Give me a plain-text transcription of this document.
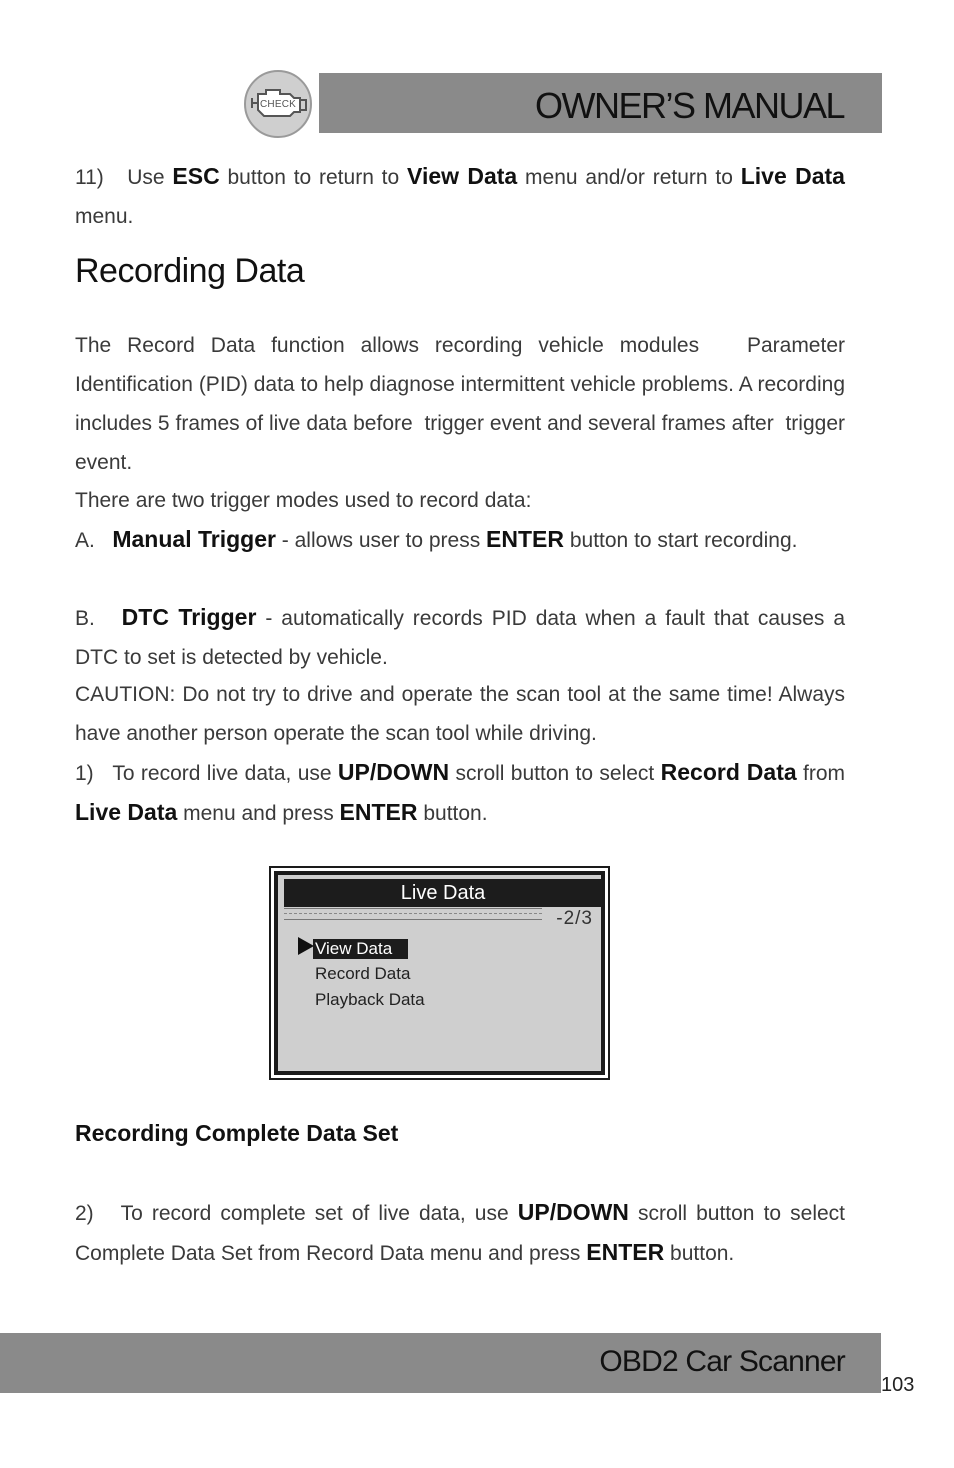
CHECK	OWNER’S MANUAL
11) Use ESC button to return to View Data menu and/or return to Live Data menu.
Recording Data
The Record Data function allows recording vehicle modules   Parameter Identification (PID) data to help diagnose intermittent vehicle problems. A recording includes 5 frames of live data before  trigger event and several frames after  trigger event.
There are two trigger modes used to record data:
A. Manual Trigger - allows user to press ENTER button to start recording.
B. DTC Trigger - automatically records PID data when a fault that causes a DTC to set is detected by vehicle.
CAUTION: Do not try to drive and operate the scan tool at the same time! Always have another person operate the scan tool while driving.
1) To record live data, use UP/DOWN scroll button to select Record Data from Live Data menu and press ENTER button.
Live Data
-2/3
View Data
Record Data
Playback Data
Recording Complete Data Set
2) To record complete set of live data, use UP/DOWN scroll button to select Complete Data Set from Record Data menu and press ENTER button.
OBD2 Car Scanner
103
